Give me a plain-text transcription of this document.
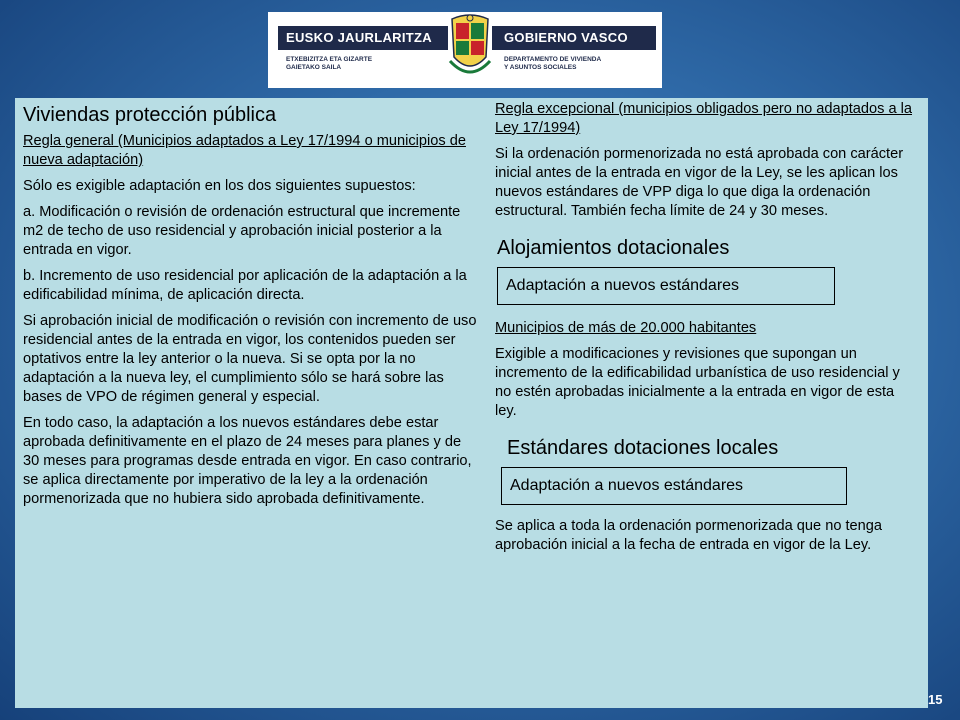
EUSKO JAURLARITZA	GOBIERNO VASCO
ETXEBIZITZA ETA GIZARTE
GAIETAKO SAILA
DEPARTAMENTO DE VIVIENDA
Y ASUNTOS SOCIALES
Viviendas protección pública
Regla general (Municipios adaptados a Ley 17/1994 o municipios de nueva adaptación)
Sólo es exigible adaptación en los dos siguientes supuestos:
a. Modificación o revisión de ordenación estructural que incremente m2 de techo de uso residencial y aprobación inicial posterior a la entrada en vigor.
b. Incremento de uso residencial por aplicación de la adaptación a la edificabilidad mínima, de aplicación directa.
Si aprobación inicial de modificación o revisión con incremento de uso residencial antes de la entrada en vigor, los contenidos pueden ser optativos entre la ley anterior o la nueva. Si se opta por la no adaptación a la nueva ley, el cumplimiento sólo se hará sobre las bases de VPO de régimen general y especial.
En todo caso, la adaptación a los nuevos estándares debe estar aprobada definitivamente en el plazo de 24 meses para planes y de 30 meses para programas desde entrada en vigor. En caso contrario, se aplica directamente por imperativo de la ley a la ordenación pormenorizada que no hubiera sido aprobada definitivamente.
Regla excepcional (municipios obligados pero no adaptados a la Ley 17/1994)
Si la ordenación pormenorizada no está aprobada con carácter inicial antes de la entrada en vigor de la Ley, se les aplican los nuevos estándares de VPP diga lo que diga la ordenación estructural. También fecha límite de 24 y 30 meses.
Alojamientos dotacionales
Adaptación a nuevos estándares
Municipios de más de 20.000 habitantes
Exigible a modificaciones y revisiones que supongan un incremento de la edificabilidad urbanística de uso residencial y no estén aprobadas inicialmente a la entrada en vigor de esta ley.
Estándares dotaciones locales
Adaptación a nuevos estándares
Se aplica a toda la ordenación pormenorizada que no tenga aprobación inicial a la fecha de entrada en vigor de la Ley.
15
